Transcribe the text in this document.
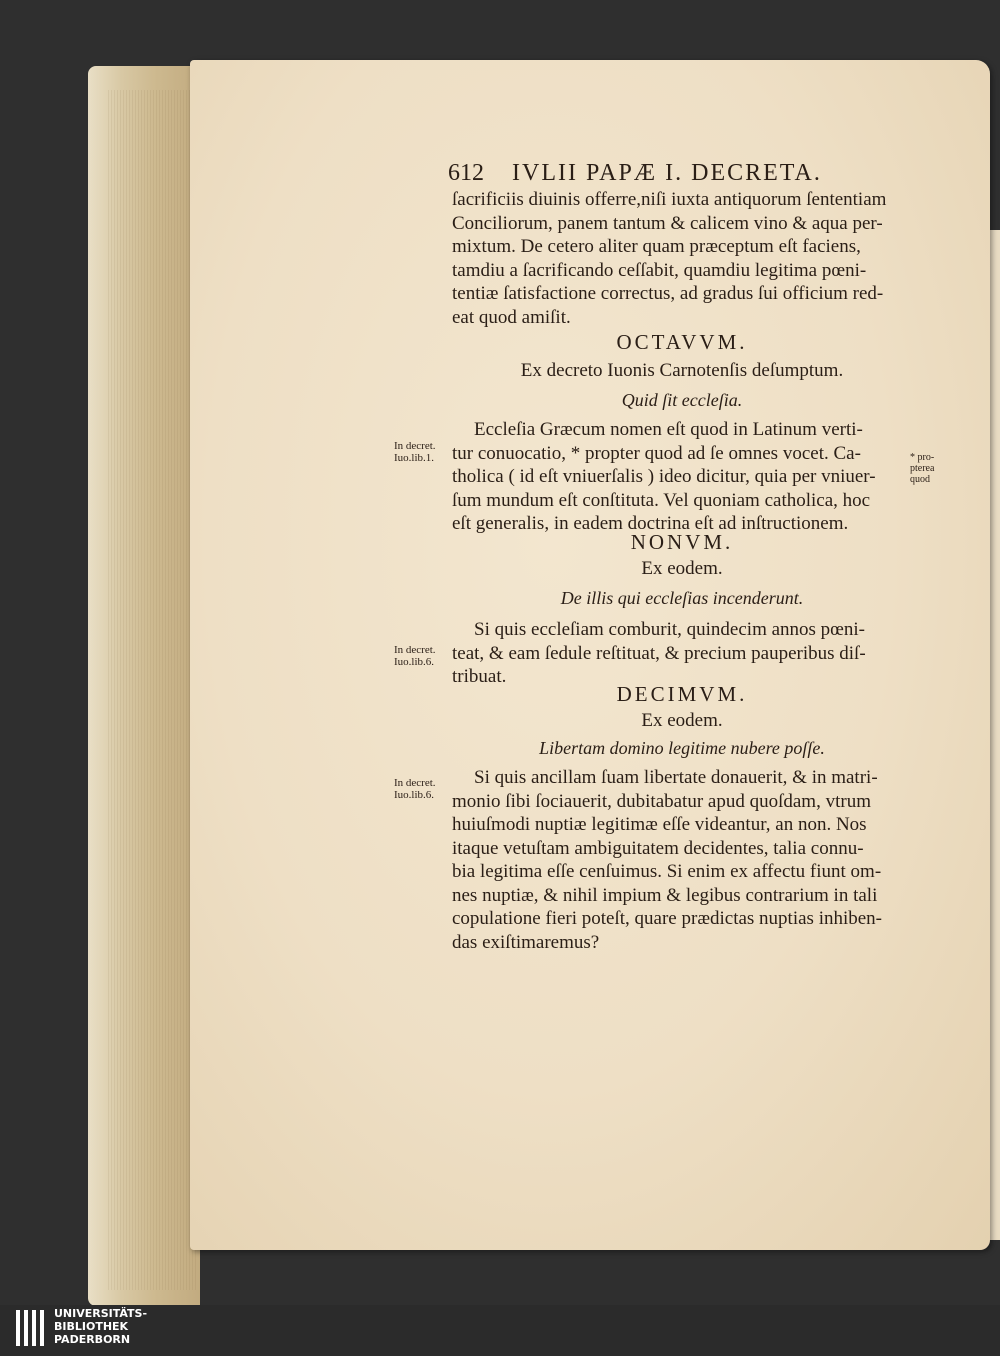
612 IVLII PAPÆ I. DECRETA.
ſacrificiis diuinis offerre,niſi iuxta antiquorum ſententiam
Conciliorum, panem tantum & calicem vino & aqua per-
mixtum. De cetero aliter quam præceptum eſt faciens,
tamdiu a ſacrificando ceſſabit, quamdiu legitima pœni-
tentiæ ſatisfactione correctus, ad gradus ſui officium red-
eat quod amiſit.
OCTAVVM.
Ex decreto Iuonis Carnotenſis deſumptum.
Quid ſit eccleſia.
In decret.
Iuo.lib.1.	* pro-
pterea
quod
Eccleſia Græcum nomen eſt quod in Latinum verti-
tur conuocatio, * propter quod ad ſe omnes vocet. Ca-
tholica ( id eſt vniuerſalis ) ideo dicitur, quia per vniuer-
ſum mundum eſt conſtituta. Vel quoniam catholica, hoc
eſt generalis, in eadem doctrina eſt ad inſtructionem.
NONVM.
Ex eodem.
De illis qui eccleſias incenderunt.
In decret.
Iuo.lib.6.
Si quis eccleſiam comburit, quindecim annos pœni-
teat, & eam ſedule reſtituat, & precium pauperibus diſ-
tribuat.
DECIMVM.
Ex eodem.
Libertam domino legitime nubere poſſe.
In decret.
Iuo.lib.6.
Si quis ancillam ſuam libertate donauerit, & in matri-
monio ſibi ſociauerit, dubitabatur apud quoſdam, vtrum
huiuſmodi nuptiæ legitimæ eſſe videantur, an non. Nos
itaque vetuſtam ambiguitatem decidentes, talia connu-
bia legitima eſſe cenſuimus. Si enim ex affectu fiunt om-
nes nuptiæ, & nihil impium & legibus contrarium in tali
copulatione fieri poteſt, quare prædictas nuptias inhiben-
das exiſtimaremus?
UNIVERSITÄTS-
BIBLIOTHEK
PADERBORN
